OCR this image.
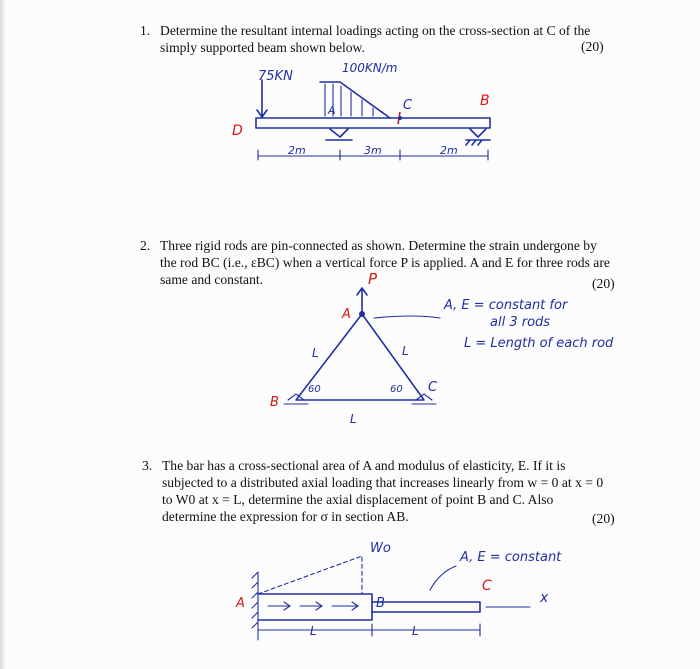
1. Determine the resultant internal loadings acting on the cross-section at C of the
simply supported beam shown below.	(20)
75KN
100KN/m
A	C	B
D
2m	3m	2m
2. Three rigid rods are pin-connected as shown. Determine the strain undergone by
the rod BC (i.e., εBC) when a vertical force P is applied. A and E for three rods are
same and constant.	(20)
P
A
B
C
L	L
L
60	60
A, E = constant for
all 3 rods
L = Length of each rod
3. The bar has a cross-sectional area of A and modulus of elasticity, E. If it is
subjected to a distributed axial loading that increases linearly from w = 0 at x = 0
to W0 at x = L, determine the axial displacement of point B and C. Also
determine the expression for σ in section AB.	(20)
Wo
A	B
C
x
L	L
A, E = constant
